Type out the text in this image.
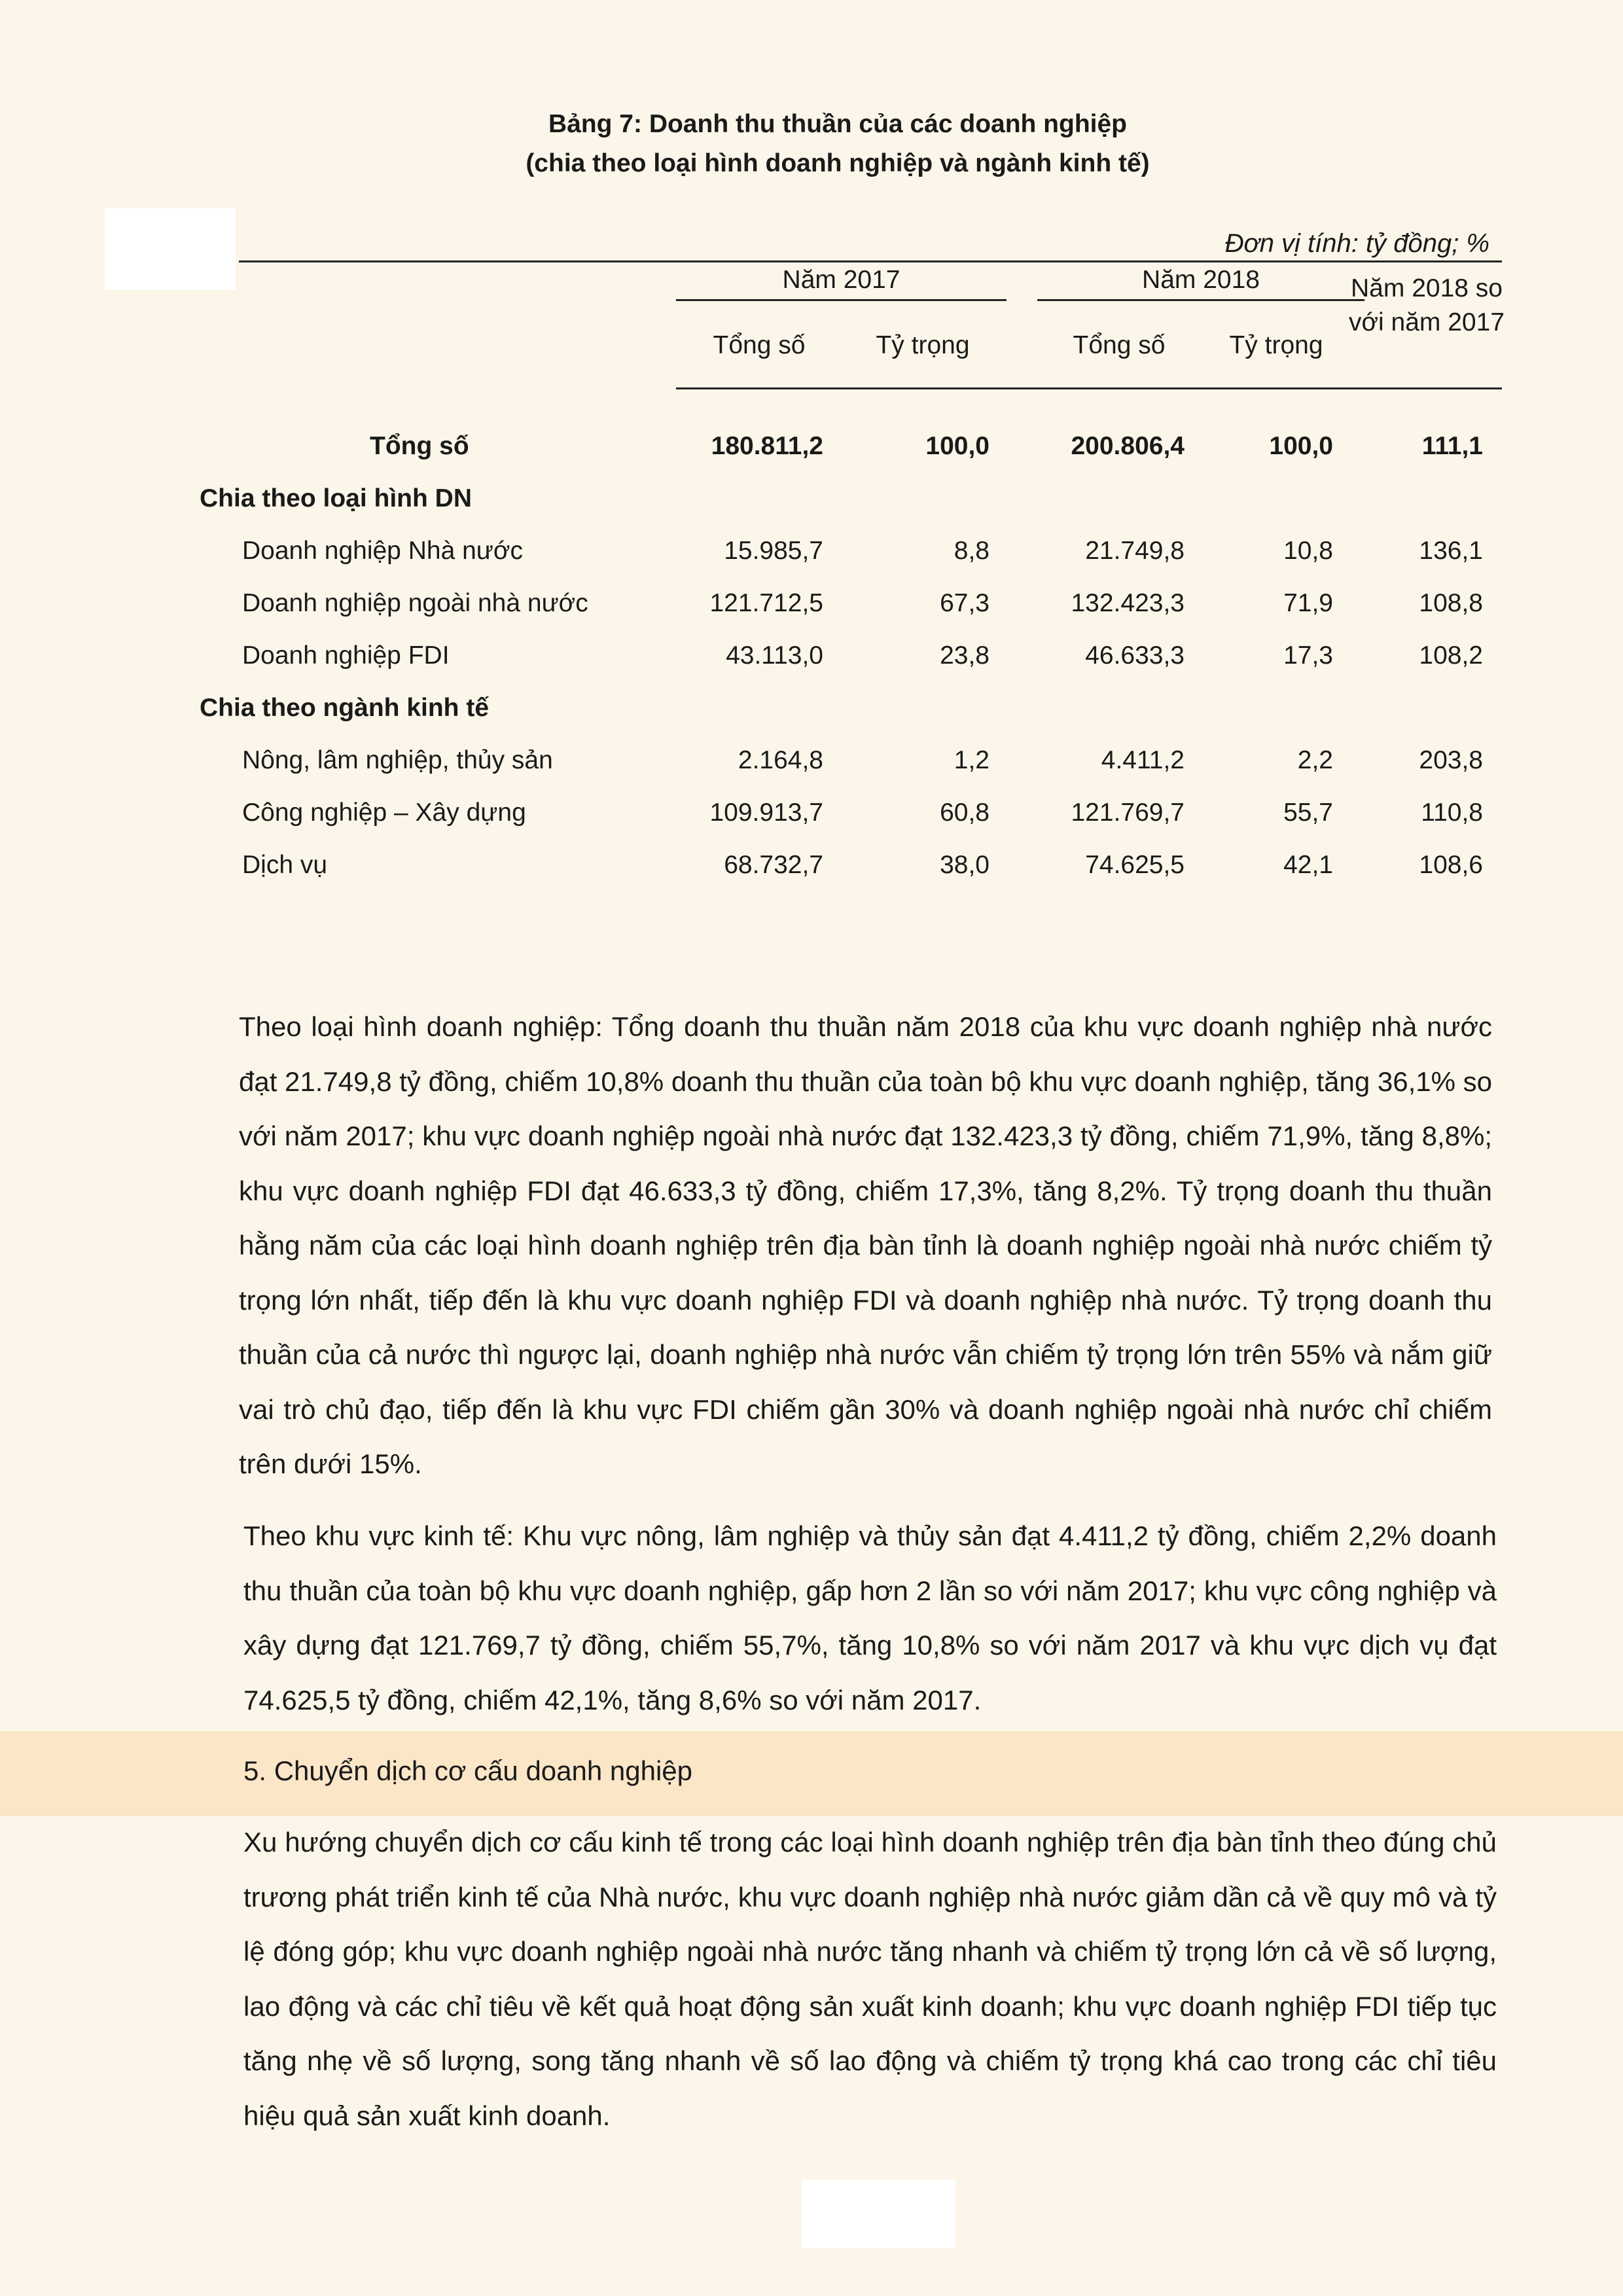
Bảng 7: Doanh thu thuần của các doanh nghiệp
(chia theo loại hình doanh nghiệp và ngành kinh tế)
Đơn vị tính: tỷ đồng; %
Năm 2017	Năm 2018	Năm 2018 so với năm 2017
Tổng số	Tỷ trọng	Tổng số	Tỷ trọng
Tổng số	180.811,2	100,0	200.806,4	100,0	111,1
Chia theo loại hình DN
Doanh nghiệp Nhà nước	15.985,7	8,8	21.749,8	10,8	136,1
Doanh nghiệp ngoài nhà nước	121.712,5	67,3	132.423,3	71,9	108,8
Doanh nghiệp FDI	43.113,0	23,8	46.633,3	17,3	108,2
Chia theo ngành kinh tế
Nông, lâm nghiệp, thủy sản	2.164,8	1,2	4.411,2	2,2	203,8
Công nghiệp – Xây dựng	109.913,7	60,8	121.769,7	55,7	110,8
Dịch vụ	68.732,7	38,0	74.625,5	42,1	108,6

Theo loại hình doanh nghiệp: Tổng doanh thu thuần năm 2018 của khu vực doanh nghiệp nhà nước đạt 21.749,8 tỷ đồng, chiếm 10,8% doanh thu thuần của toàn bộ khu vực doanh nghiệp, tăng 36,1% so với năm 2017; khu vực doanh nghiệp ngoài nhà nước đạt 132.423,3 tỷ đồng, chiếm 71,9%, tăng 8,8%; khu vực doanh nghiệp FDI đạt 46.633,3 tỷ đồng, chiếm 17,3%, tăng 8,2%. Tỷ trọng doanh thu thuần hằng năm của các loại hình doanh nghiệp trên địa bàn tỉnh là doanh nghiệp ngoài nhà nước chiếm tỷ trọng lớn nhất, tiếp đến là khu vực doanh nghiệp FDI và doanh nghiệp nhà nước. Tỷ trọng doanh thu thuần của cả nước thì ngược lại, doanh nghiệp nhà nước vẫn chiếm tỷ trọng lớn trên 55% và nắm giữ vai trò chủ đạo, tiếp đến là khu vực FDI chiếm gần 30% và doanh nghiệp ngoài nhà nước chỉ chiếm trên dưới 15%.

Theo khu vực kinh tế: Khu vực nông, lâm nghiệp và thủy sản đạt 4.411,2 tỷ đồng, chiếm 2,2% doanh thu thuần của toàn bộ khu vực doanh nghiệp, gấp hơn 2 lần so với năm 2017; khu vực công nghiệp và xây dựng đạt 121.769,7 tỷ đồng, chiếm 55,7%, tăng 10,8% so với năm 2017 và khu vực dịch vụ đạt 74.625,5 tỷ đồng, chiếm 42,1%, tăng 8,6% so với năm 2017.

5. Chuyển dịch cơ cấu doanh nghiệp

Xu hướng chuyển dịch cơ cấu kinh tế trong các loại hình doanh nghiệp trên địa bàn tỉnh theo đúng chủ trương phát triển kinh tế của Nhà nước, khu vực doanh nghiệp nhà nước giảm dần cả về quy mô và tỷ lệ đóng góp; khu vực doanh nghiệp ngoài nhà nước tăng nhanh và chiếm tỷ trọng lớn cả về số lượng, lao động và các chỉ tiêu về kết quả hoạt động sản xuất kinh doanh; khu vực doanh nghiệp FDI tiếp tục tăng nhẹ về số lượng, song tăng nhanh về số lao động và chiếm tỷ trọng khá cao trong các chỉ tiêu hiệu quả sản xuất kinh doanh.
